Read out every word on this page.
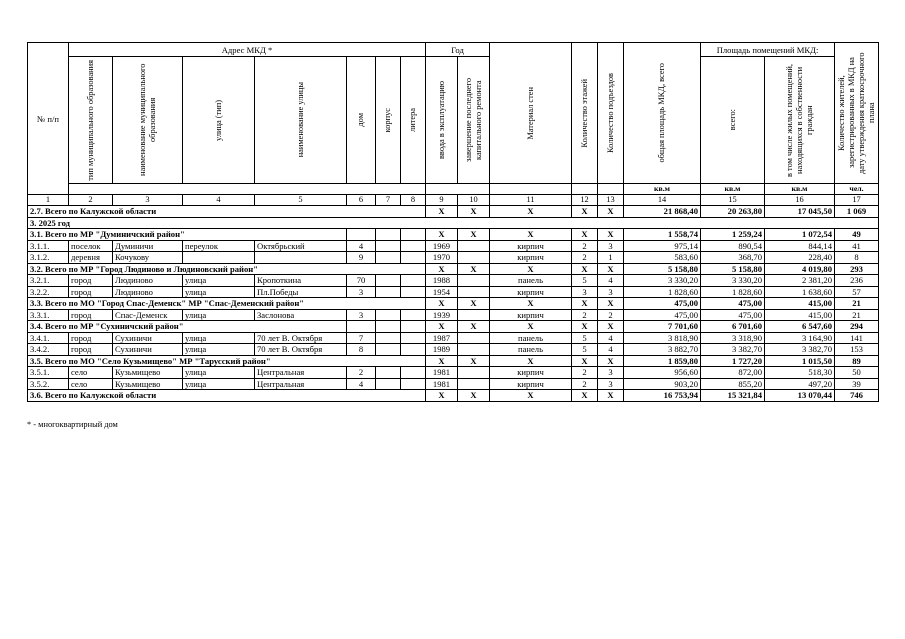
№ п/п	Адрес МКД *							Год		Материал стен	Количество этажей	Количество подъездов	общая площадь МКД, всего	Площадь помещений МКД:		Количество жителей, зарегистрированных в МКД на дату утверждения краткосрочного плана

	тип муниципального образования	наименование муниципального образования	улица (тип)	наименование улицы	дом	корпус	литера	ввода в эксплуатацию	завершение последнего капитального ремонта					всего:	в том числе жилых помещений, находящихся в собственности граждан	

													кв.м	кв.м	кв.м	чел.
1	2	3	4	5	6	7	8	9	10	11	12	13	14	15	16	17
2.7. Всего по Калужской области								X	X	X	X	X	21 868,40	20 263,80	17 045,50	1 069
3. 2025 год																
3.1. Всего по МР "Думиничский район"								X	X	X	X	X	1 558,74	1 259,24	1 072,54	49
3.1.1.	поселок	Думиничи	переулок	Октябрьский	4			1969		кирпич	2	3	975,14	890,54	844,14	41
3.1.2.	деревня	Кочукову			9			1970		кирпич	2	1	583,60	368,70	228,40	8
3.2. Всего по МР "Город Людиново и Людиновский район"								X	X	X	X	X	5 158,80	5 158,80	4 019,80	293
3.2.1.	город	Людиново	улица	Кропоткина	70			1988		панель	5	4	3 330,20	3 330,20	2 381,20	236
3.2.2.	город	Людиново	улица	Пл.Победы	3			1954		кирпич	3	3	1 828,60	1 828,60	1 638,60	57
3.3. Всего по МО "Город Спас-Деменск" МР "Спас-Деменский район"								X	X	X	X	X	475,00	475,00	415,00	21
3.3.1.	город	Спас-Деменск	улица	Заслонова	3			1939		кирпич	2	2	475,00	475,00	415,00	21
3.4. Всего по МР "Сухиничский район"								X	X	X	X	X	7 701,60	6 701,60	6 547,60	294
3.4.1.	город	Сухиничи	улица	70 лет В. Октября	7			1987		панель	5	4	3 818,90	3 318,90	3 164,90	141
3.4.2.	город	Сухиничи	улица	70 лет В. Октября	8			1989		панель	5	4	3 882,70	3 382,70	3 382,70	153
3.5. Всего по МО "Село Кузьмищево" МР "Тарусский район"								X	X	X	X	X	1 859,80	1 727,20	1 015,50	89
3.5.1.	село	Кузьмищево	улица	Центральная	2			1981		кирпич	2	3	956,60	872,00	518,30	50
3.5.2.	село	Кузьмищево	улица	Центральная	4			1981		кирпич	2	3	903,20	855,20	497,20	39
3.6. Всего по Калужской области								X	X	X	X	X	16 753,94	15 321,84	13 070,44	746
* - многоквартирный дом
